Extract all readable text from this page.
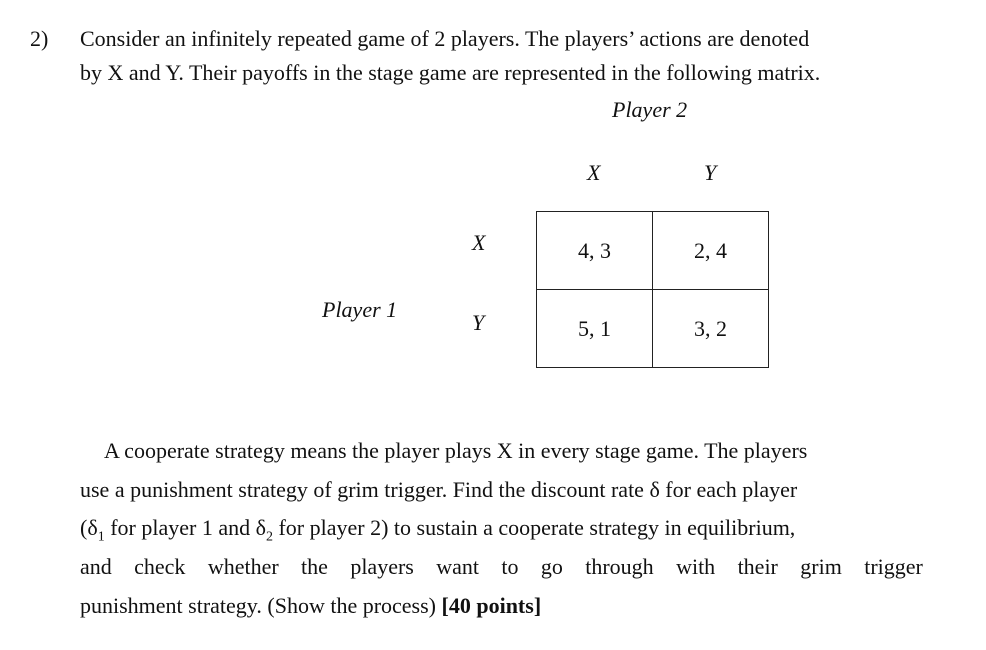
2) Consider an infinitely repeated game of 2 players. The players’ actions are denoted
by X and Y. Their payoffs in the stage game are represented in the following matrix.
Player 2
X	Y
Player 1
X
Y
4, 3	2, 4
5, 1	3, 2
A cooperate strategy means the player plays X in every stage game. The players
use a punishment strategy of grim trigger. Find the discount rate δ for each player
($\delta_1$ for player 1 and $\delta_2$ for player 2) to sustain a cooperate strategy in equilibrium,
and check whether the players want to go through with their grim trigger
punishment strategy. (Show the process) [40 points]
